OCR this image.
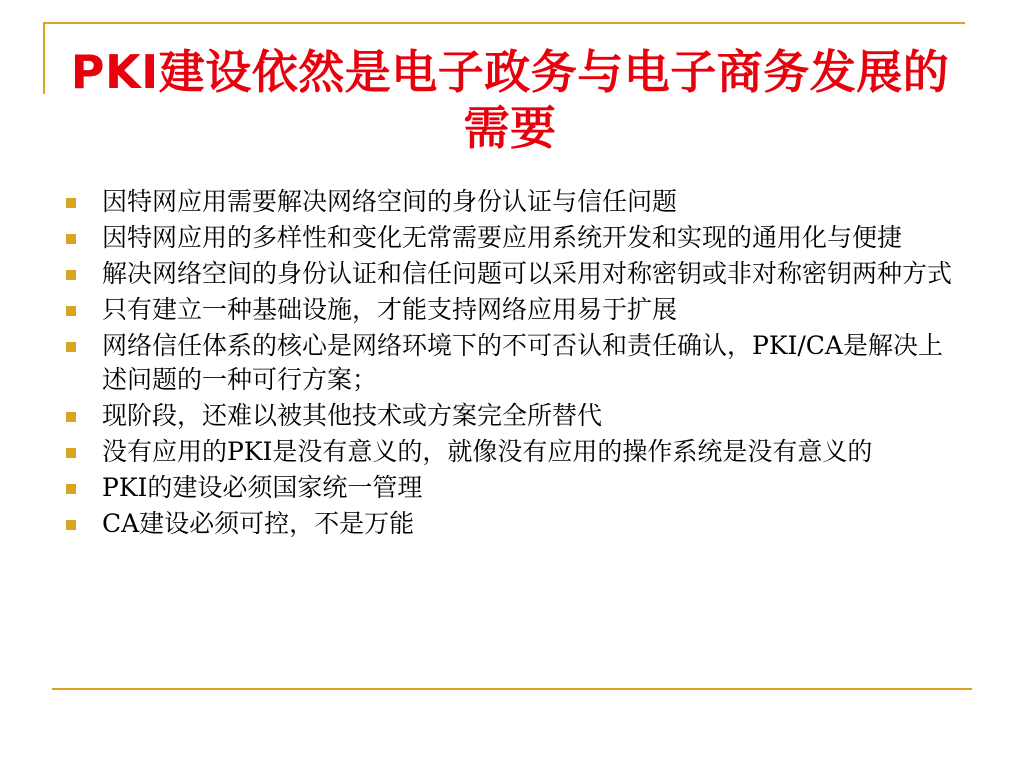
PKI建设依然是电子政务与电子商务发展的需要
因特网应用需要解决网络空间的身份认证与信任问题
因特网应用的多样性和变化无常需要应用系统开发和实现的通用化与便捷
解决网络空间的身份认证和信任问题可以采用对称密钥或非对称密钥两种方式
只有建立一种基础设施，才能支持网络应用易于扩展
网络信任体系的核心是网络环境下的不可否认和责任确认，PKI/CA是解决上述问题的一种可行方案；
现阶段，还难以被其他技术或方案完全所替代
没有应用的PKI是没有意义的，就像没有应用的操作系统是没有意义的
PKI的建设必须国家统一管理
CA建设必须可控，不是万能
